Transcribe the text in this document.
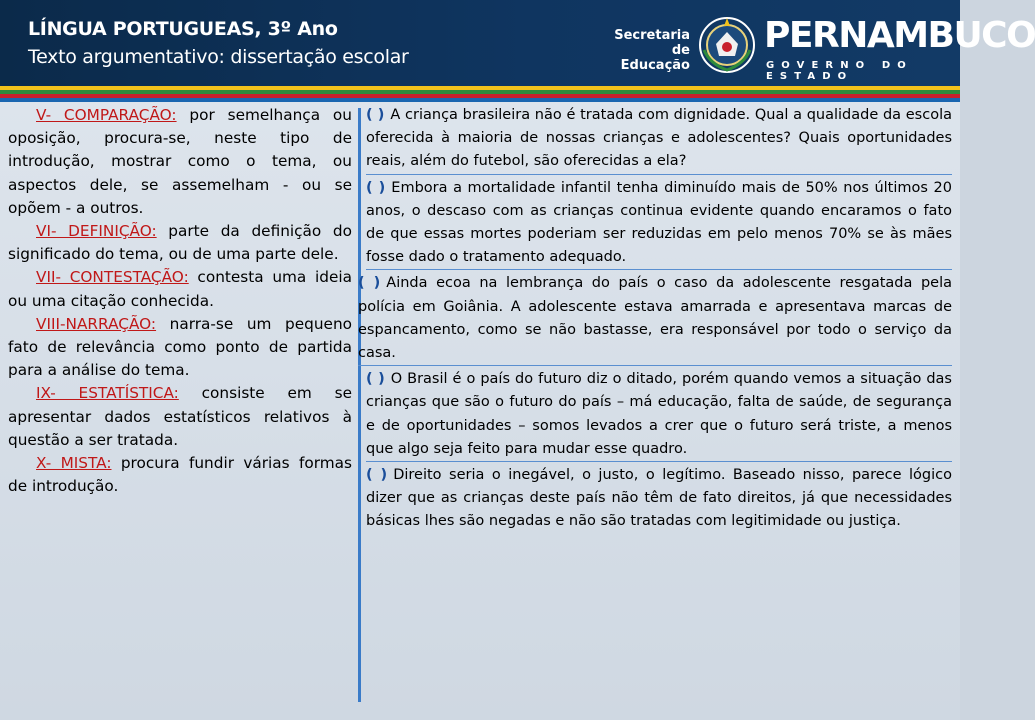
LÍNGUA PORTUGUEAS, 3º Ano
Texto argumentativo: dissertação escolar
Secretaria de
Educação
PERNAMBUCO
GOVERNO DO ESTADO

V- COMPARAÇÃO: por semelhança ou oposição, procura-se, neste tipo de introdução, mostrar como o tema, ou aspectos dele, se assemelham - ou se opõem - a outros.

VI- DEFINIÇÃO: parte da definição do significado do tema, ou de uma parte dele.

VII- CONTESTAÇÃO: contesta uma ideia ou uma citação conhecida.

VIII-NARRAÇÃO: narra-se um pequeno fato de relevância como ponto de partida para a análise do tema.

IX- ESTATÍSTICA: consiste em se apresentar dados estatísticos relativos à questão a ser tratada.

X- MISTA: procura fundir várias formas de introdução.

( ) A criança brasileira não é tratada com dignidade. Qual a qualidade da escola oferecida à maioria de nossas crianças e adolescentes? Quais oportunidades reais, além do futebol, são oferecidas a ela?

( ) Embora a mortalidade infantil tenha diminuído mais de 50% nos últimos 20 anos, o descaso com as crianças continua evidente quando encaramos o fato de que essas mortes poderiam ser reduzidas em pelo menos 70% se às mães fosse dado o tratamento adequado.

( ) Ainda ecoa na lembrança do país o caso da adolescente resgatada pela polícia em Goiânia. A adolescente estava amarrada e apresentava marcas de espancamento, como se não bastasse, era responsável por todo o serviço da casa.

( ) O Brasil é o país do futuro diz o ditado, porém quando vemos a situação das crianças que são o futuro do país – má educação, falta de saúde, de segurança e de oportunidades – somos levados a crer que o futuro será triste, a menos que algo seja feito para mudar esse quadro.

( ) Direito seria o inegável, o justo, o legítimo. Baseado nisso, parece lógico dizer que as crianças deste país não têm de fato direitos, já que necessidades básicas lhes são negadas e não são tratadas com legitimidade ou justiça.
